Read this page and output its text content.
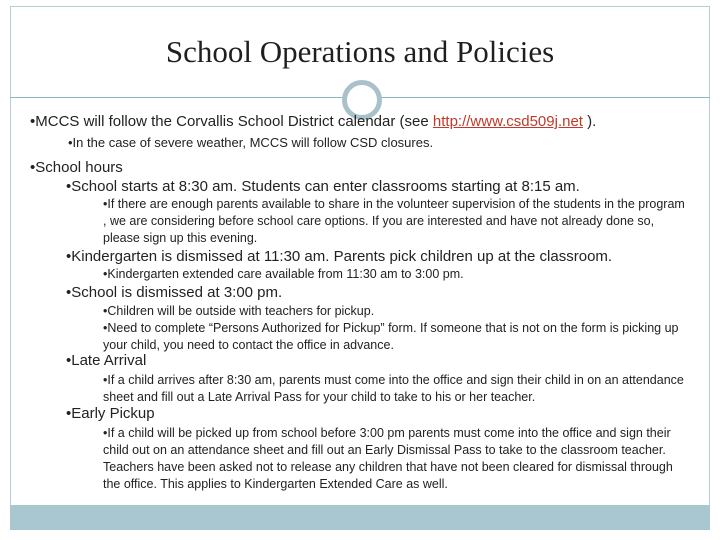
School Operations and Policies

•MCCS will follow the Corvallis School District calendar (see http://www.csd509j.net ).

•In the case of severe weather, MCCS will follow CSD closures.

•School hours

•School starts at 8:30 am. Students can enter classrooms starting at 8:15 am.

•If there are enough parents available to share in the volunteer supervision of the students in the program , we are considering before school care options. If you are interested and have not already done so, please sign up this evening.

•Kindergarten is dismissed at 11:30 am. Parents pick children up at the classroom.

•Kindergarten extended care available from 11:30 am to 3:00 pm.

•School is dismissed at 3:00 pm.

•Children will be outside with teachers for pickup.

•Need to complete “Persons Authorized for Pickup” form. If someone that is not on the form is picking up your child, you need to contact the office in advance.

•Late Arrival

•If a child arrives after 8:30 am, parents must come into the office and sign their child in on an attendance sheet and fill out a Late Arrival Pass for your child to take to his or her teacher.

•Early Pickup

•If a child will be picked up from school before 3:00 pm parents must come into the office and sign their child out on an attendance sheet and fill out an Early Dismissal Pass to take to the classroom teacher. Teachers have been asked not to release any children that have not been cleared for dismissal through the office. This applies to Kindergarten Extended Care as well.
